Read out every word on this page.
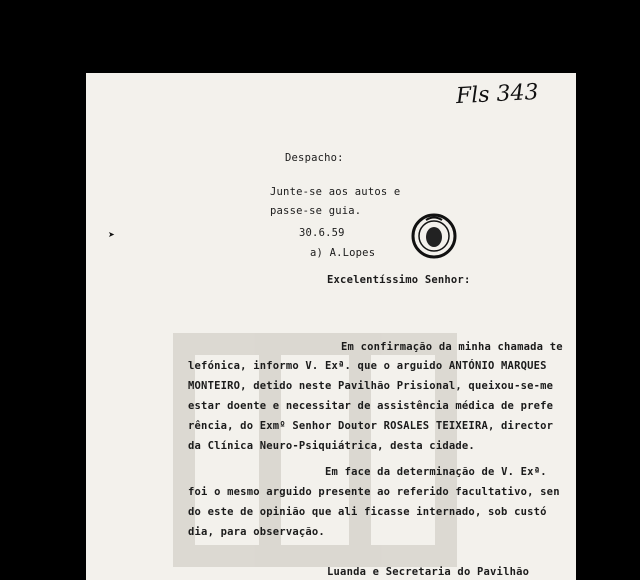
Fls 343
➤
Despacho:
Junte-se aos autos e
passe-se guia.
30.6.59
a) A.Lopes
Excelentíssimo Senhor:
Em confirmação da minha chamada te
lefónica, informo V. Exª. que o arguido ANTÓNIO MARQUES
MONTEIRO, detido neste Pavilhão Prisional, queixou-se-me
estar doente e necessitar de assistência médica de prefe
rência, do Exmº Senhor Doutor ROSALES TEIXEIRA, director
da Clínica Neuro-Psiquiátrica, desta cidade.
Em face da determinação de V. Exª.
foi o mesmo arguido presente ao referido facultativo, sen
do este de opinião que ali ficasse internado, sob custó
dia, para observação.
Luanda e Secretaria do Pavilhão
